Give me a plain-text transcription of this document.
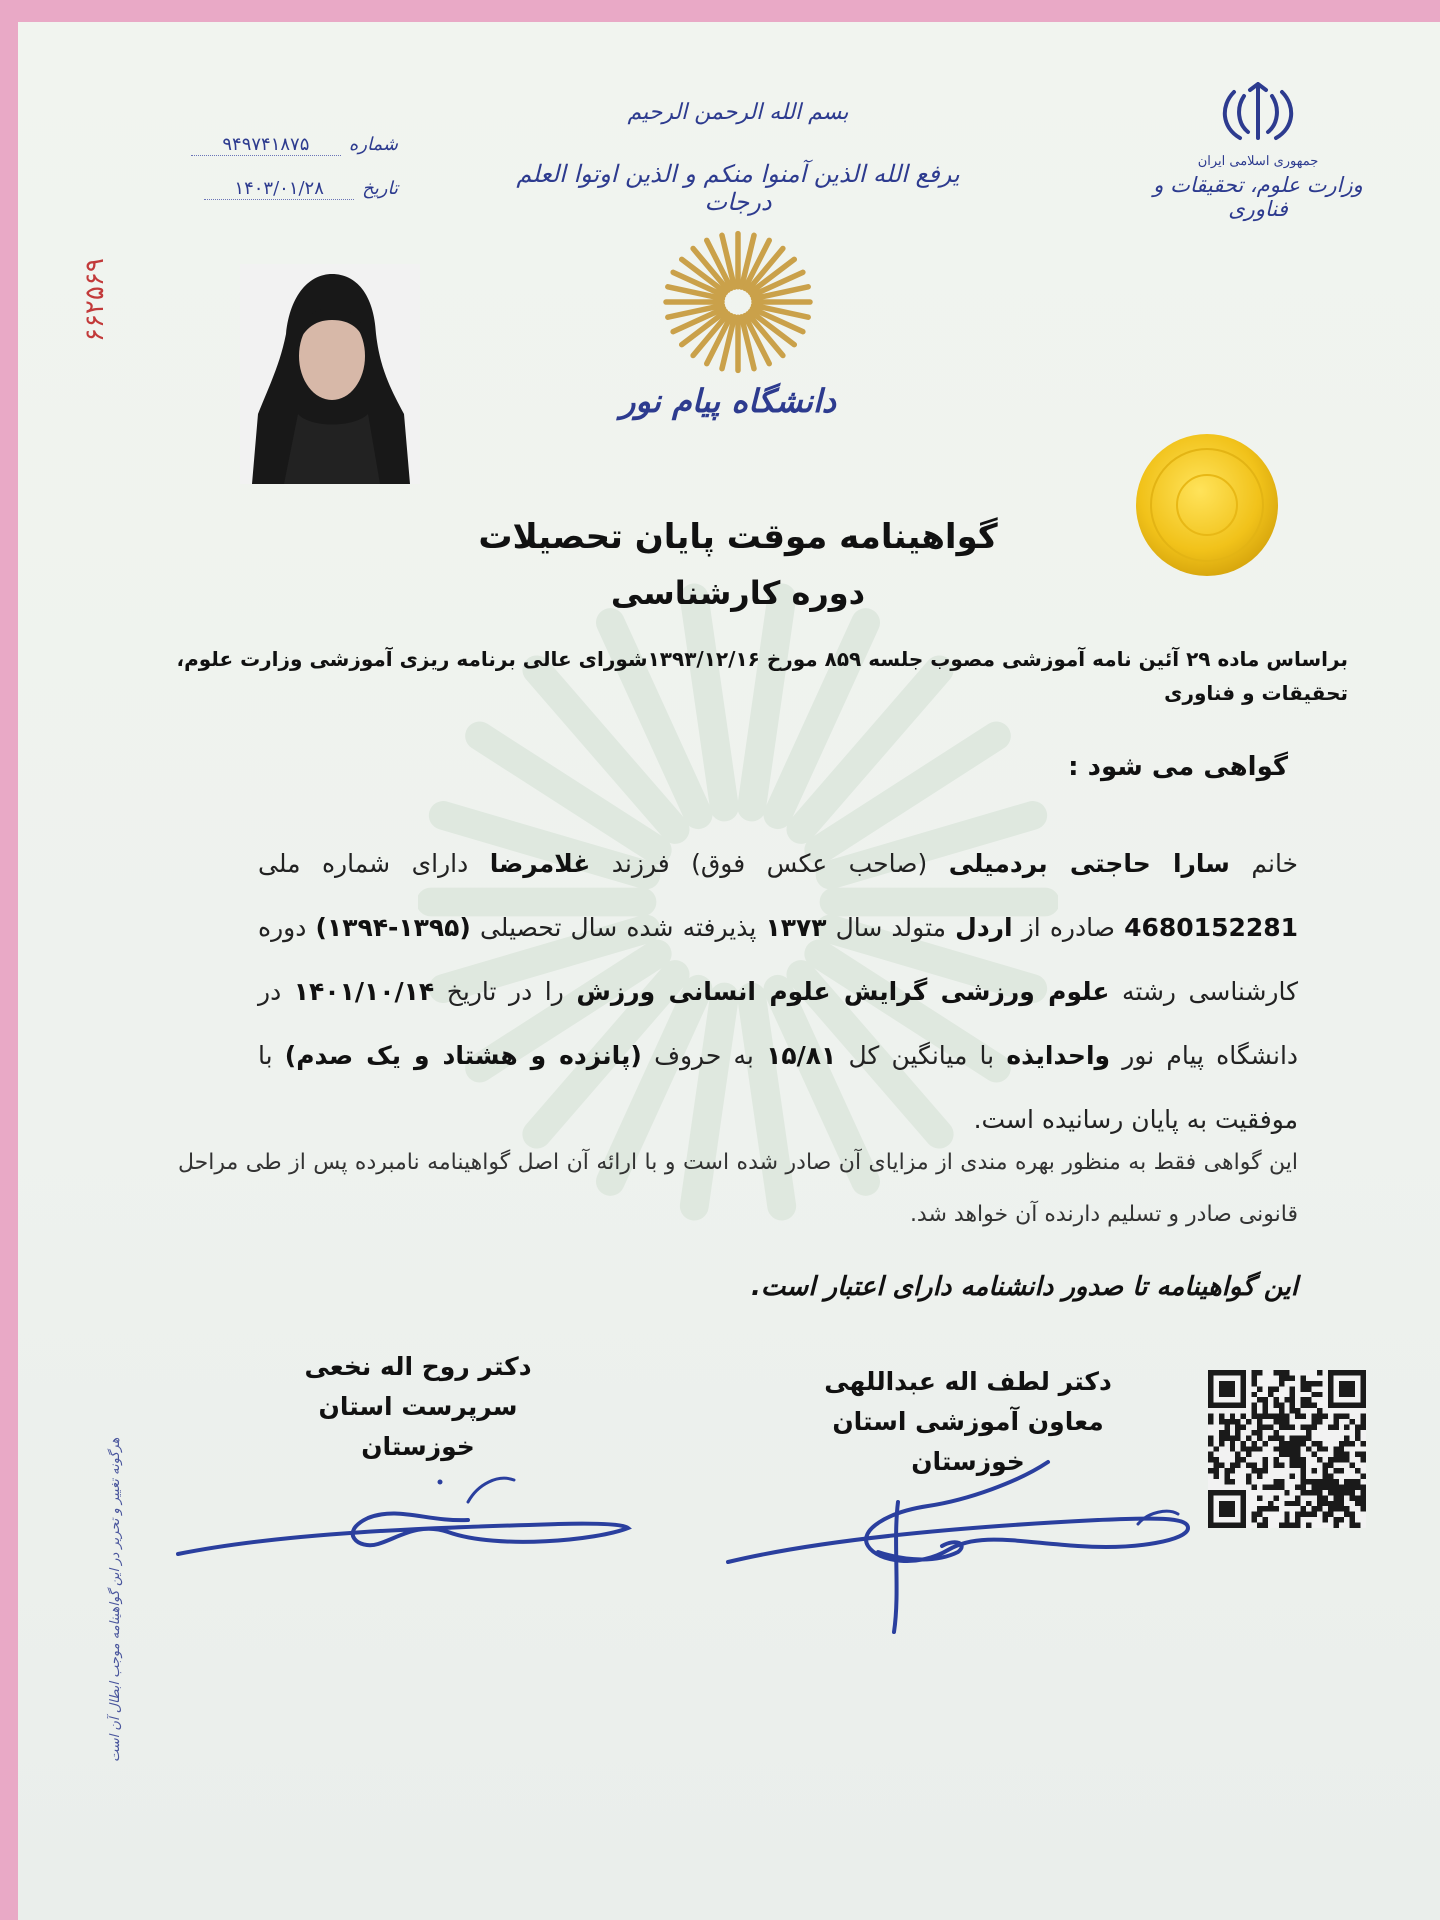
جمهوری اسلامی ایران
وزارت علوم، تحقیقات و فناوری
بسم الله الرحمن الرحیم
یرفع الله الذین آمنوا منکم و الذین اوتوا العلم درجات
دانشگاه پیام نور
۹۴۹۷۴۱۸۷۵	شماره
۱۴۰۳/۰۱/۲۸	تاریخ
۶۶۲۵۶۹
گواهینامه موقت پایان تحصیلات
دوره کارشناسی
براساس ماده ۲۹ آئین نامه آموزشی مصوب جلسه ۸۵۹ مورخ ۱۳۹۳/۱۲/۱۶شورای عالی برنامه ریزی آموزشی وزارت علوم، تحقیقات و فناوری
گواهی می شود :
خانم سارا حاجتی بردمیلی (صاحب عکس فوق) فرزند غلامرضا دارای شماره ملی 4680152281 صادره از اردل متولد سال ۱۳۷۳ پذیرفته شده سال تحصیلی (۱۳۹۵-۱۳۹۴) دوره کارشناسی رشته علوم ورزشی گرایش علوم انسانی ورزش را در تاریخ ۱۴۰۱/۱۰/۱۴ در دانشگاه پیام نور واحدایذه با میانگین کل ۱۵/۸۱ به حروف (پانزده و هشتاد و یک صدم) با موفقیت به پایان رسانیده است.
این گواهی فقط به منظور بهره مندی از مزایای آن صادر شده است و با ارائه آن اصل گواهینامه نامبرده پس از طی مراحل قانونی صادر و تسلیم دارنده آن خواهد شد.
این گواهینامه تا صدور دانشنامه دارای اعتبار است.
دکتر لطف اله عبداللهی
معاون آموزشی استان خوزستان
دکتر روح اله نخعی
سرپرست استان خوزستان
هرگونه تغییر و تحریر در این گواهینامه موجب ابطال آن است
